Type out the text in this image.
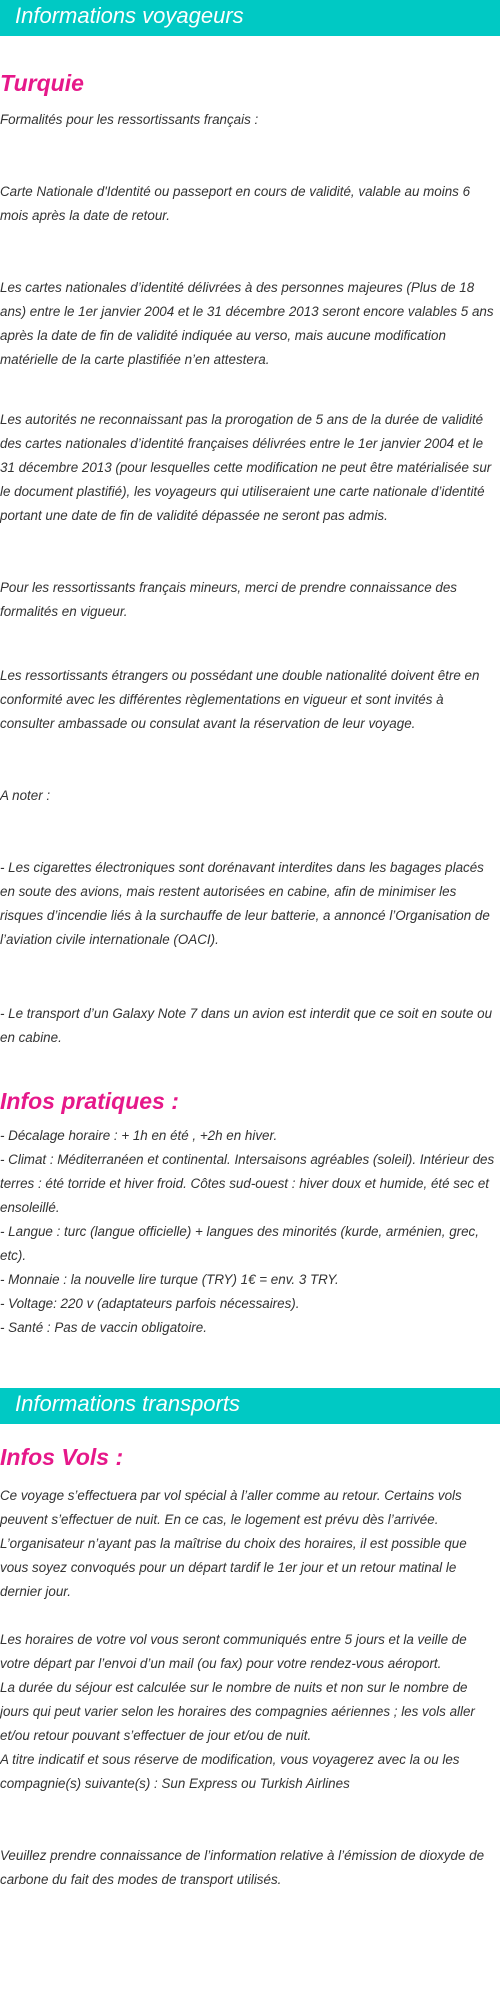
Informations voyageurs
Turquie

Formalités pour les ressortissants français :

Carte Nationale d'Identité ou passeport en cours de validité, valable au moins 6 mois après la date de retour.

Les cartes nationales d’identité délivrées à des personnes majeures (Plus de 18 ans) entre le 1er janvier 2004 et le 31 décembre 2013 seront encore valables 5 ans après la date de fin de validité indiquée au verso, mais aucune modification matérielle de la carte plastifiée n’en attestera.

Les autorités ne reconnaissant pas la prorogation de 5 ans de la durée de validité des cartes nationales d’identité françaises délivrées entre le 1er janvier 2004 et le 31 décembre 2013 (pour lesquelles cette modification ne peut être matérialisée sur le document plastifié), les voyageurs qui utiliseraient une carte nationale d’identité portant une date de fin de validité dépassée ne seront pas admis.

Pour les ressortissants français mineurs, merci de prendre connaissance des formalités en vigueur.

Les ressortissants étrangers ou possédant une double nationalité doivent être en conformité avec les différentes règlementations en vigueur et sont invités à consulter ambassade ou consulat avant la réservation de leur voyage.

A noter :

- Les cigarettes électroniques sont dorénavant interdites dans les bagages placés en soute des avions, mais restent autorisées en cabine, afin de minimiser les risques d’incendie liés à la surchauffe de leur batterie, a annoncé l’Organisation de l’aviation civile internationale (OACI).

- Le transport d’un Galaxy Note 7 dans un avion est interdit que ce soit en soute ou en cabine.

Infos pratiques :

- Décalage horaire : + 1h en été , +2h en hiver.

- Climat : Méditerranéen et continental. Intersaisons agréables (soleil). Intérieur des terres : été torride et hiver froid. Côtes sud-ouest : hiver doux et humide, été sec et ensoleillé.

- Langue : turc (langue officielle) + langues des minorités (kurde, arménien, grec, etc).

- Monnaie : la nouvelle lire turque (TRY) 1€ = env. 3 TRY.

- Voltage: 220 v (adaptateurs parfois nécessaires).

- Santé : Pas de vaccin obligatoire.

Informations transports
Infos Vols :

Ce voyage s’effectuera par vol spécial à l’aller comme au retour. Certains vols peuvent s’effectuer de nuit. En ce cas, le logement est prévu dès l’arrivée. L’organisateur n’ayant pas la maîtrise du choix des horaires, il est possible que vous soyez convoqués pour un départ tardif le 1er jour et un retour matinal le dernier jour.

Les horaires de votre vol vous seront communiqués entre 5 jours et la veille de votre départ par l’envoi d’un mail (ou fax) pour votre rendez-vous aéroport.

La durée du séjour est calculée sur le nombre de nuits et non sur le nombre de jours qui peut varier selon les horaires des compagnies aériennes ; les vols aller et/ou retour pouvant s’effectuer de jour et/ou de nuit.

A titre indicatif et sous réserve de modification, vous voyagerez avec la ou les compagnie(s) suivante(s) : Sun Express ou Turkish Airlines

Veuillez prendre connaissance de l’information relative à l’émission de dioxyde de carbone du fait des modes de transport utilisés.
